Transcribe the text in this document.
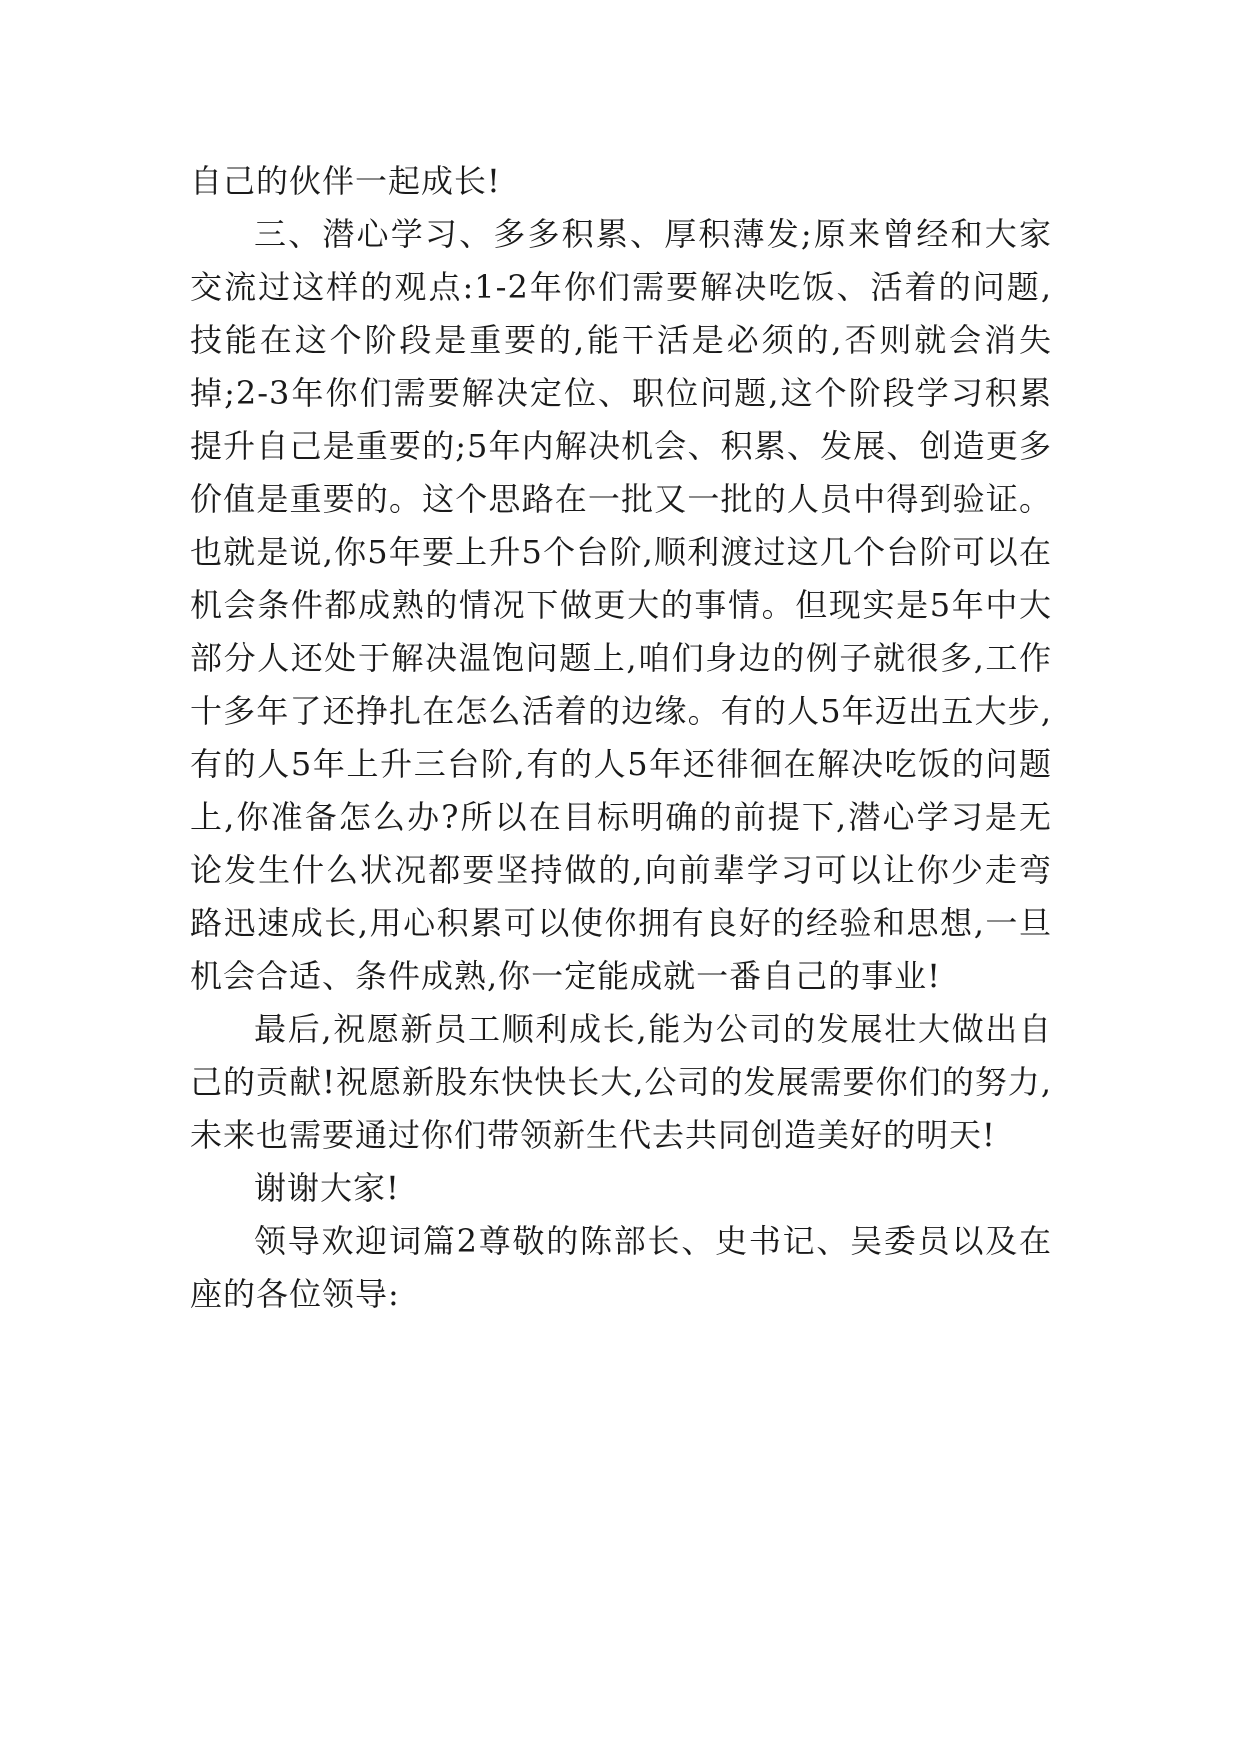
自己的伙伴一起成长!

三、潜心学习、多多积累、厚积薄发;原来曾经和大家交流过这样的观点:1-2年你们需要解决吃饭、活着的问题,技能在这个阶段是重要的,能干活是必须的,否则就会消失掉;2-3年你们需要解决定位、职位问题,这个阶段学习积累提升自己是重要的;5年内解决机会、积累、发展、创造更多价值是重要的。这个思路在一批又一批的人员中得到验证。也就是说,你5年要上升5个台阶,顺利渡过这几个台阶可以在机会条件都成熟的情况下做更大的事情。但现实是5年中大部分人还处于解决温饱问题上,咱们身边的例子就很多,工作十多年了还挣扎在怎么活着的边缘。有的人5年迈出五大步,有的人5年上升三台阶,有的人5年还徘徊在解决吃饭的问题上,你准备怎么办?所以在目标明确的前提下,潜心学习是无论发生什么状况都要坚持做的,向前辈学习可以让你少走弯路迅速成长,用心积累可以使你拥有良好的经验和思想,一旦机会合适、条件成熟,你一定能成就一番自己的事业!

最后,祝愿新员工顺利成长,能为公司的发展壮大做出自己的贡献!祝愿新股东快快长大,公司的发展需要你们的努力,未来也需要通过你们带领新生代去共同创造美好的明天!

谢谢大家!

领导欢迎词篇2尊敬的陈部长、史书记、吴委员以及在座的各位领导:
